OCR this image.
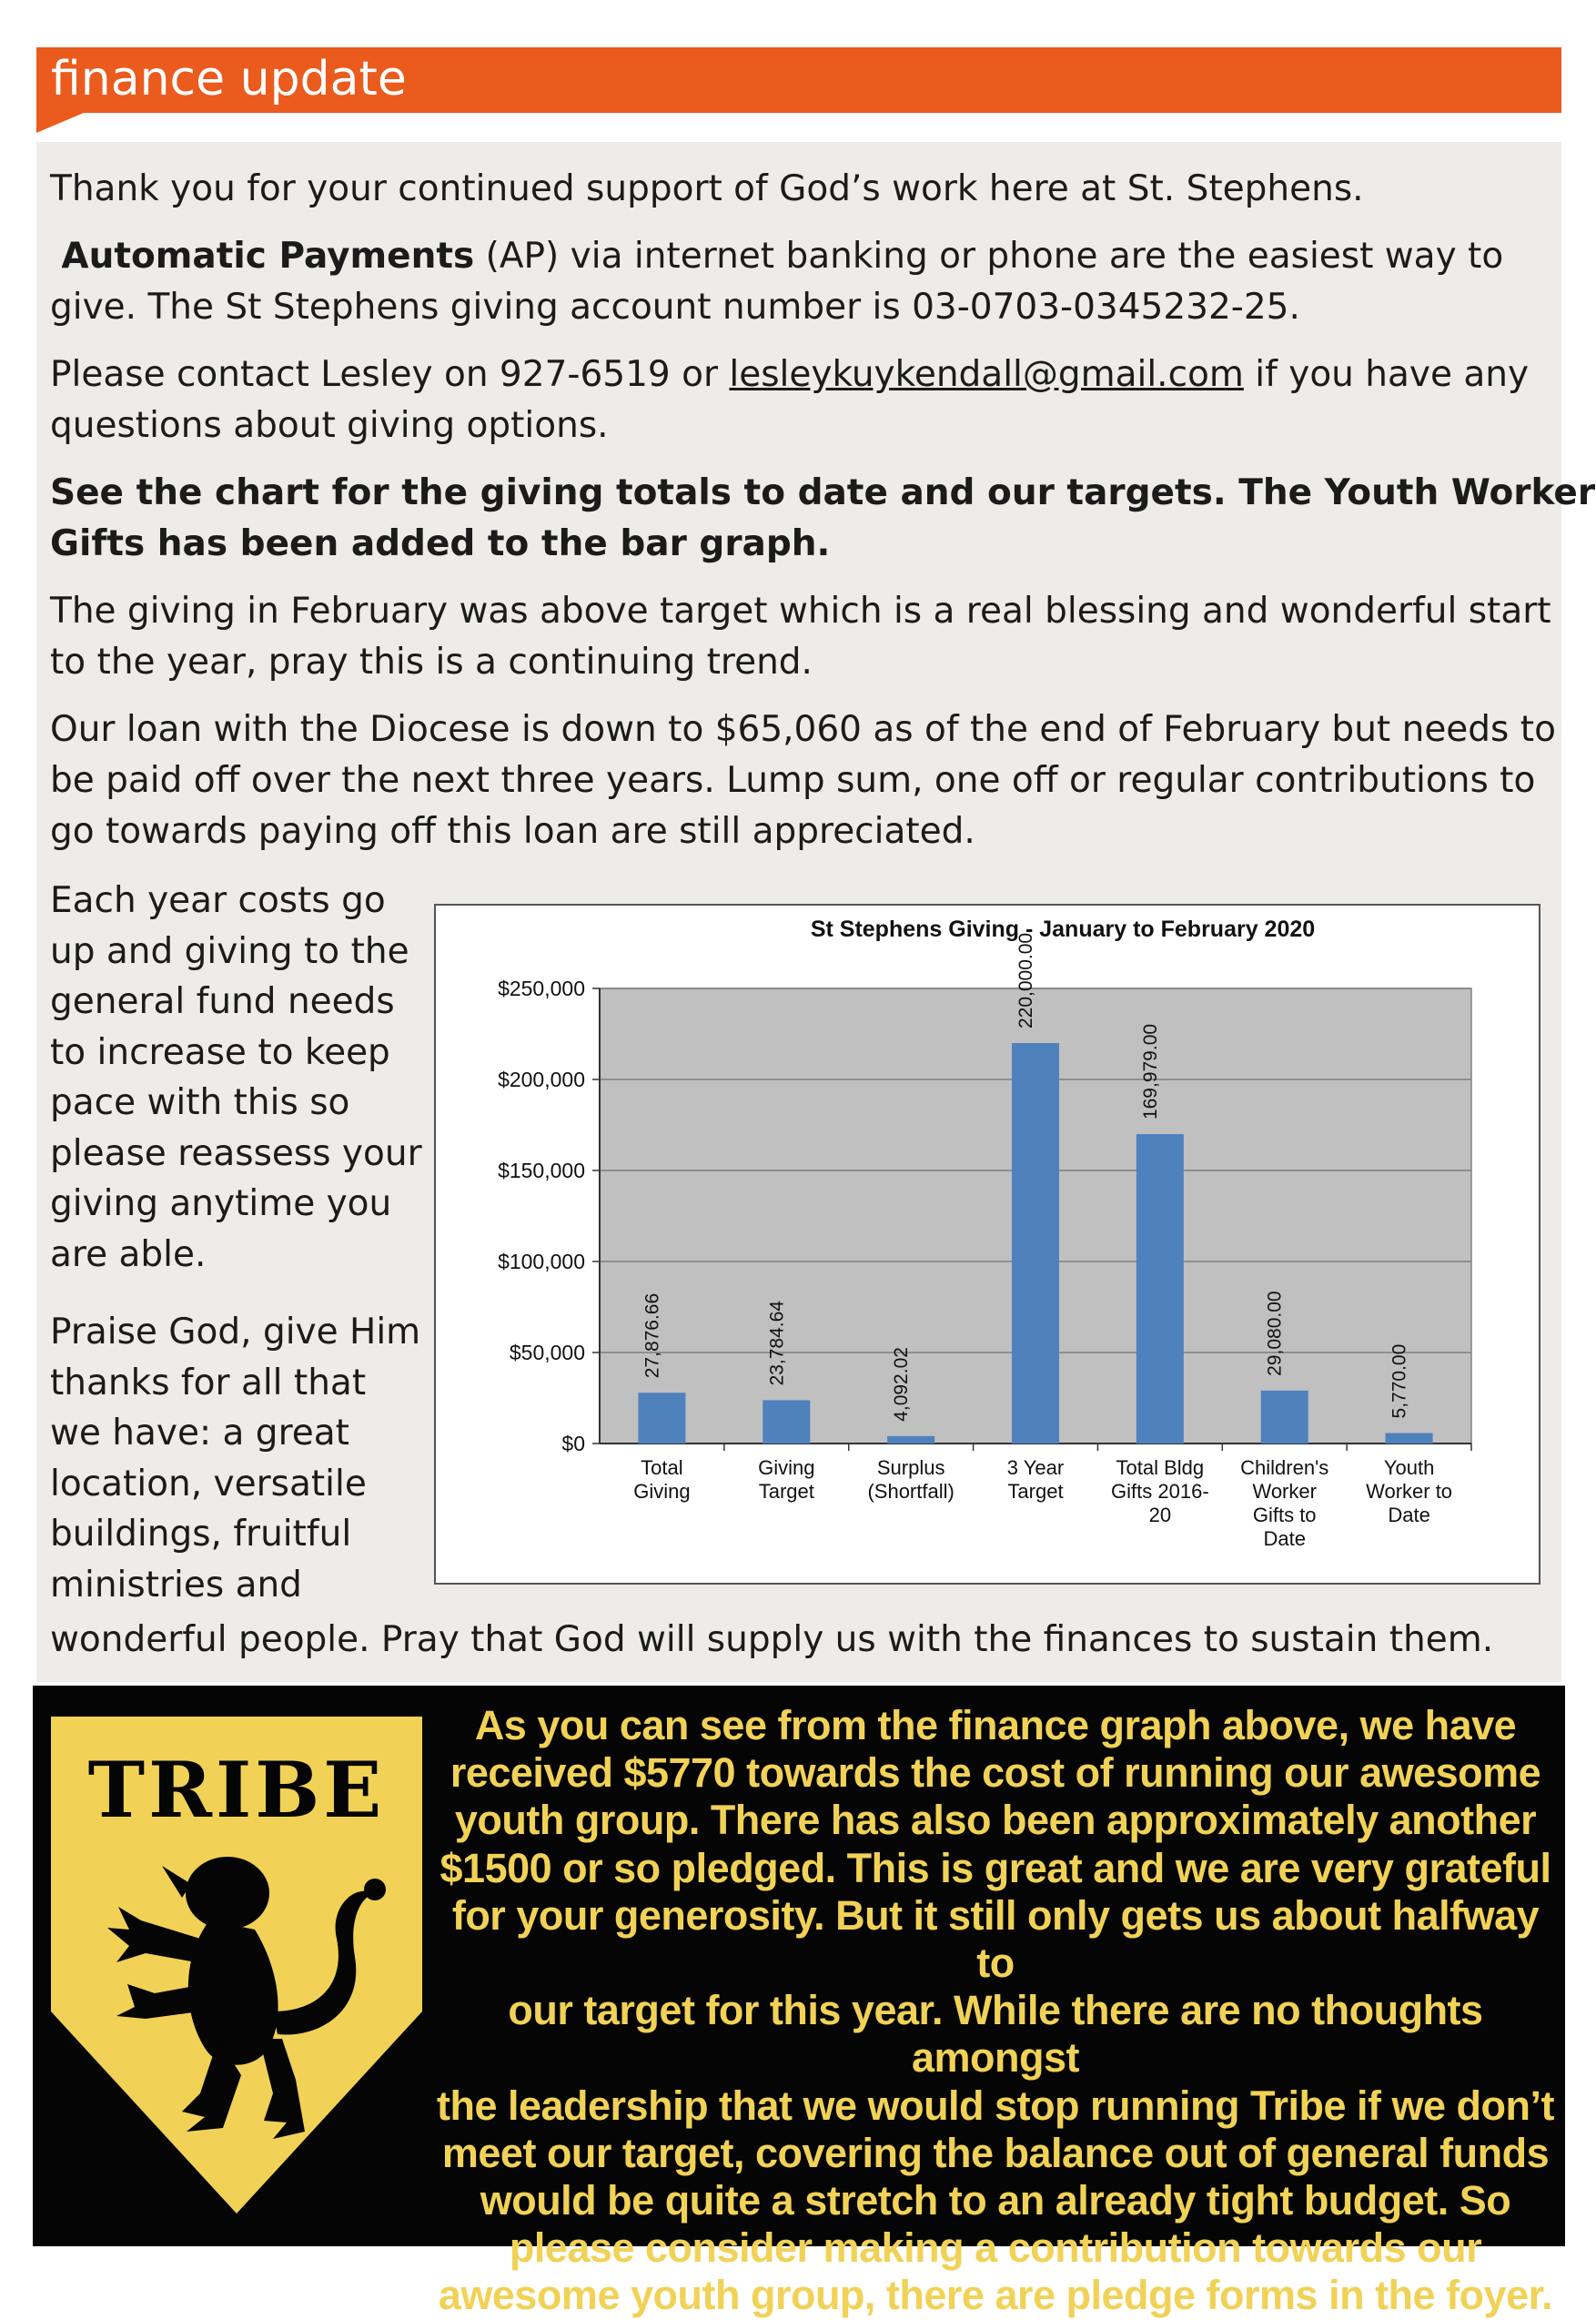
finance update
Thank you for your continued support of God’s work here at St. Stephens.
Automatic Payments (AP) via internet banking or phone are the easiest way to
give. The St Stephens giving account number is 03-0703-0345232-25.
Please contact Lesley on 927-6519 or lesleykuykendall@gmail.com if you have any
questions about giving options.
See the chart for the giving totals to date and our targets. The Youth Worker
Gifts has been added to the bar graph.
The giving in February was above target which is a real blessing and wonderful start
to the year, pray this is a continuing trend.
Our loan with the Diocese is down to $65,060 as of the end of February but needs to
be paid off over the next three years. Lump sum, one off or regular contributions to
go towards paying off this loan are still appreciated.
Each year costs go
up and giving to the
general fund needs
to increase to keep
pace with this so
please reassess your
giving anytime you
are able.
Praise God, give Him
thanks for all that
we have: a great
location, versatile
buildings, fruitful
ministries and
wonderful people. Pray that God will supply us with the finances to sustain them.
St Stephens Giving - January to February 2020
$0
$50,000
$100,000
$150,000
$200,000
$250,000
27,876.66
Total Giving
23,784.64
Giving Target
4,092.02
Surplus (Shortfall)
220,000.00
3 Year Target
169,979.00
Total Bldg Gifts 2016-20
29,080.00
Children's Worker Gifts to Date
5,770.00
Youth Worker to Date
TRIBE
As you can see from the finance graph above, we have
received $5770 towards the cost of running our awesome
youth group. There has also been approximately another
$1500 or so pledged. This is great and we are very grateful
for your generosity. But it still only gets us about halfway to
our target for this year. While there are no thoughts amongst
the leadership that we would stop running Tribe if we don’t
meet our target, covering the balance out of general funds
would be quite a stretch to an already tight budget. So
please consider making a contribution towards our
awesome youth group, there are pledge forms in the foyer.
